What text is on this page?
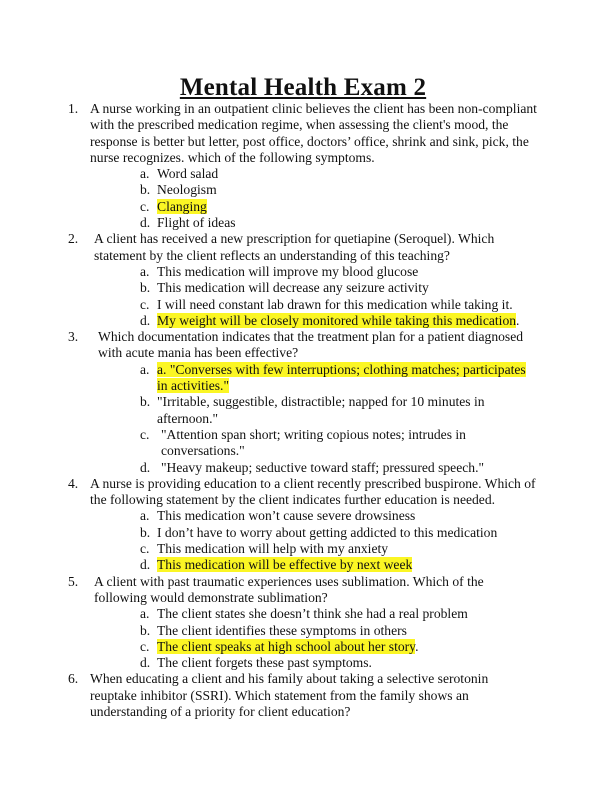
Mental Health Exam 2
1. A nurse working in an outpatient clinic believes the client has been non-compliant with the prescribed medication regime, when assessing the client's mood, the response is better but letter, post office, doctors’ office, shrink and sink, pick, the nurse recognizes. which of the following symptoms.
a. Word salad
b. Neologism
c. Clanging
d. Flight of ideas
2.	A client has received a new prescription for quetiapine (Seroquel). Which statement by the client reflects an understanding of this teaching?
a. This medication will improve my blood glucose
b. This medication will decrease any seizure activity
c. I will need constant lab drawn for this medication while taking it.
d. My weight will be closely monitored while taking this medication.
3.	Which documentation indicates that the treatment plan for a patient diagnosed with acute mania has been effective?
a. a. "Converses with few interruptions; clothing matches; participates in activities."
b. "Irritable, suggestible, distractible; napped for 10 minutes in afternoon."
c. "Attention span short; writing copious notes; intrudes in conversations."
d. "Heavy makeup; seductive toward staff; pressured speech."
4. A nurse is providing education to a client recently prescribed buspirone. Which of the following statement by the client indicates further education is needed.
a. This medication won’t cause severe drowsiness
b. I don’t have to worry about getting addicted to this medication
c. This medication will help with my anxiety
d. This medication will be effective by next week
5.	A client with past traumatic experiences uses sublimation. Which of the following would demonstrate sublimation?
a. The client states she doesn’t think she had a real problem
b. The client identifies these symptoms in others
c. The client speaks at high school about her story.
d. The client forgets these past symptoms.
6. When educating a client and his family about taking a selective serotonin reuptake inhibitor (SSRI). Which statement from the family shows an understanding of a priority for client education?
